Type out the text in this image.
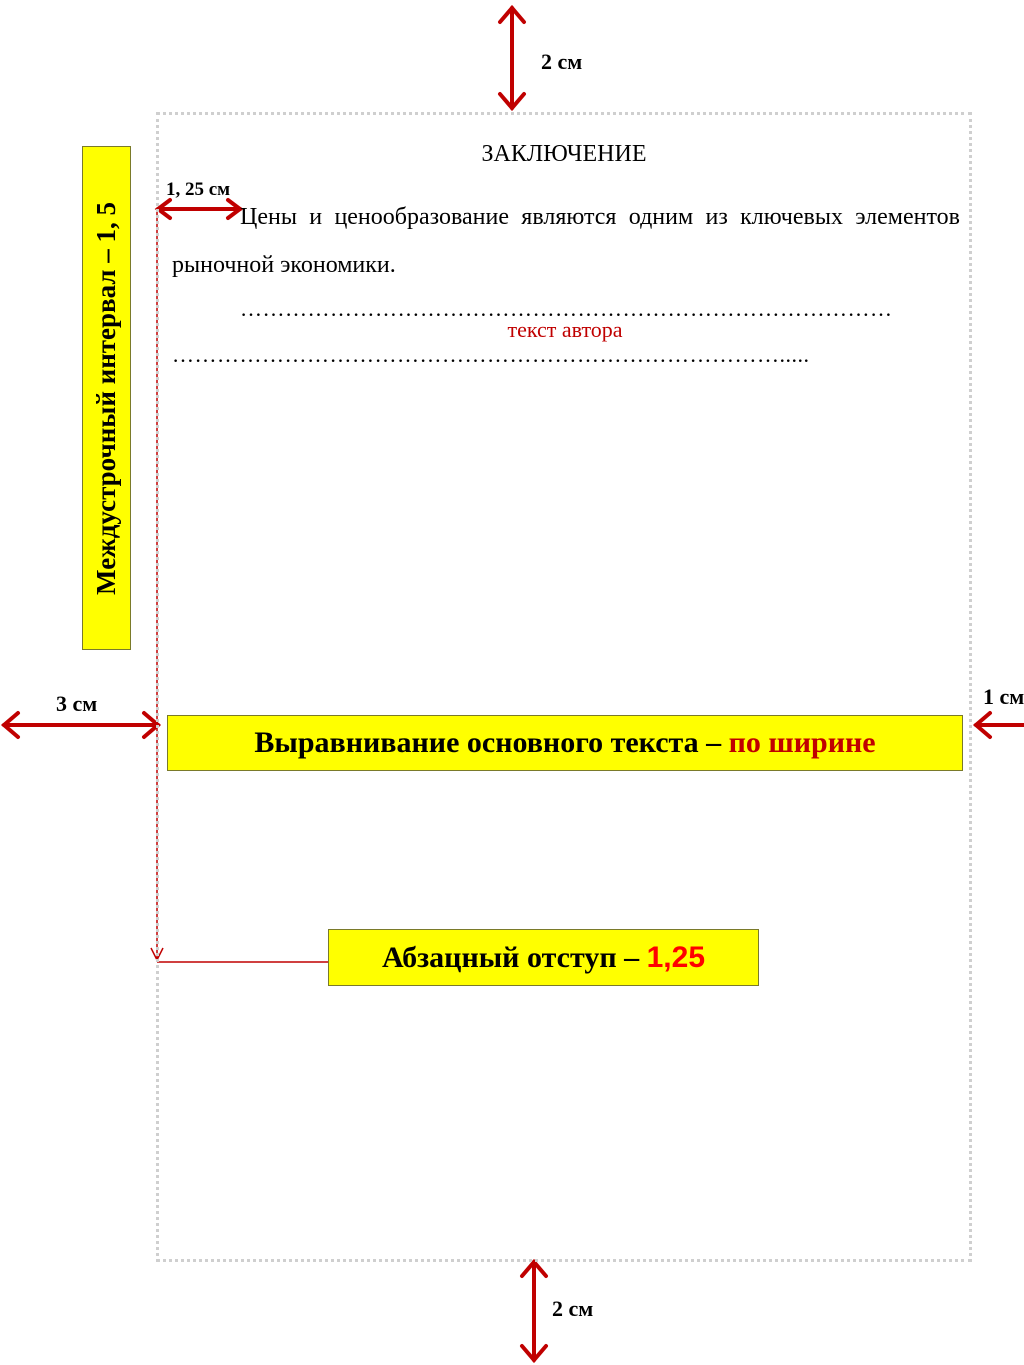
2 см
2 см
3 см	1 см
1, 25 см
ЗАКЛЮЧЕНИЕ
Цены и ценообразование являются одним из ключевых элементов рыночной экономики.
……………………………………………………………………………
текст автора
……………………………………………………………………….....
Междустрочный интервал – 1, 5
Выравнивание основного текста – по ширине
Абзацный отступ – 1,25
